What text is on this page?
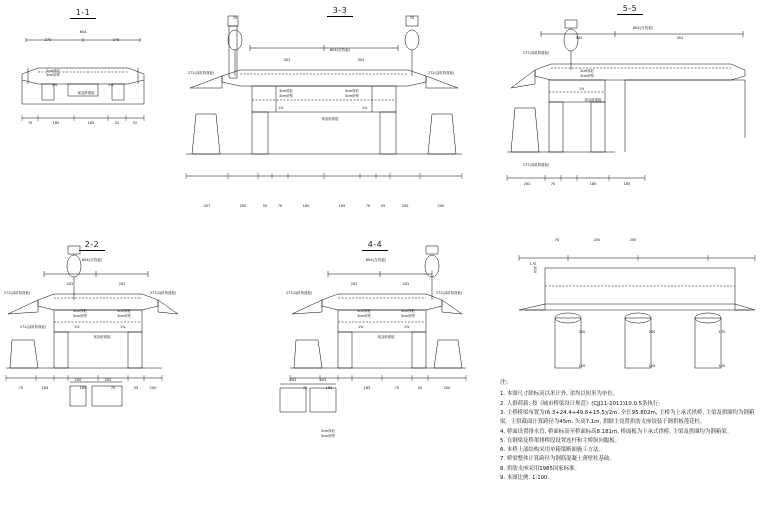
1-1
604
275	275
3cm厚砼
3cm砂浆
1%	1%
现浇桥面板
70	185	185	52	52
3-3
604(含挡板)
302	302
272(浇筑桥面板)	272(浇筑桥面板)
3cm厚砼
3cm砂浆
3cm厚砼
3cm砂浆
1%	1%
现浇桥面板
207	200	55	70	185	185	70	55	200	200
70
70
5-5
804(含挡板)
302	502
272(浇筑桥面板)
3cm厚砼
3cm砂浆
1%
现浇桥面板
272(浇筑桥面板)
202	70	185	185
70	200	200
200
170
250	250	170
120	120	120
2-2
604(含挡板)
202	202
272(浇筑桥面板)	272(浇筑桥面板)
3cm厚砼
3cm砂浆
3cm厚砼
3cm砂浆
1%	1%
现浇桥面板
272(浇筑桥面板)
70	185	185	70	55	200
200	202
4-4
604(含挡板)
202	202
272(浇筑桥面板)	272(浇筑桥面板)
3cm厚砼
3cm砂浆
3cm厚砼
3cm砂浆
1%	1%
现浇桥面板
70	185	185	70	55	200
202	202
3cm厚砼
3cm砂浆
注:
1. 本图尺寸除标高以米计外, 余均以厘米为单位。
2. 人群荷载: 按《城市桥梁设计规范》(CJJ11-2011)10.0.5条执行;
3. 主桥桥梁布置为(6.3+24.4+49.6+15.5)/2m, 全长95.802m, 主桥为上承式拱桥, 主梁及拱圈均为钢箱梁。主拱截面计算跨径为45m, 矢高7.1m, 拱脚主设置拱肋支座铰装于钢拱板莲花柱。
4. 桥面设置排水管, 桥面标高至桥面标高8.181m, 桥面板为下承式拱桥, 主梁及拱圈均为钢箱梁。
5. 在钢梁及桥架排桥段设置连杆和主桥纵向腹板。
6. 本桥上部结构采用单箱梁断面施工方法。
7. 桥梁整体计算跨径为钢筋混凝土薄壁柱基础。
8. 拱肋支座采用1985国家标准。
9. 本图比例: 1:100.
